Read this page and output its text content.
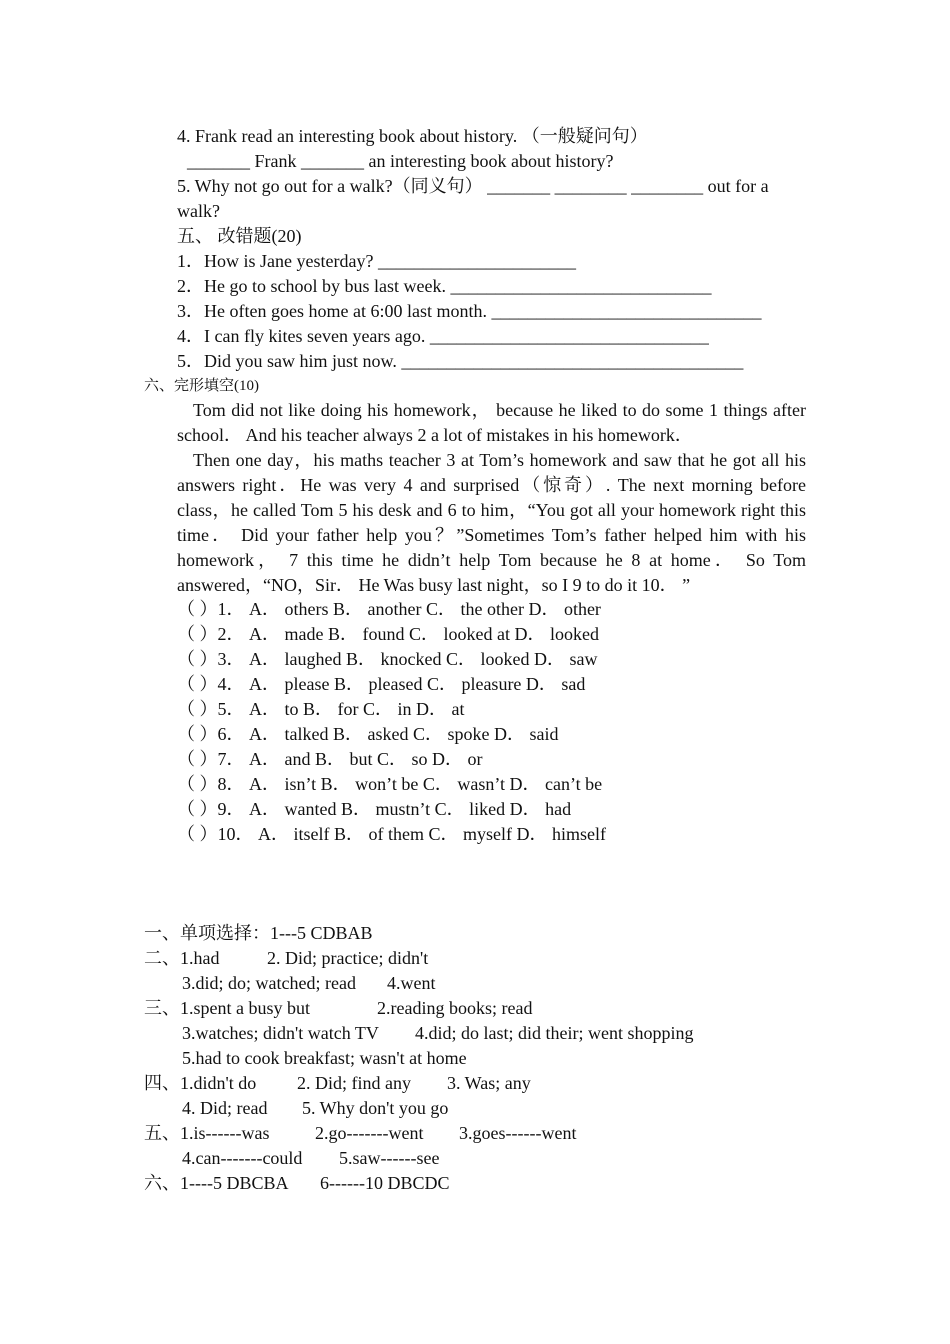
4. Frank read an interesting book about history. （一般疑问句）
_______ Frank _______ an interesting book about history?
5. Why not go out for a walk?（同义句） _______ ________ ________ out for a
walk?
五、 改错题(20)
1．How is Jane yesterday? ______________________
2．He go to school by bus last week. _____________________________
3．He often goes home at 6:00 last month. ______________________________
4．I can fly kites seven years ago. _______________________________
5．Did you saw him just now. ______________________________________
六、完形填空(10)
Tom did not like doing his homework， because he liked to do some 1 things after school． And his teacher always 2 a lot of mistakes in his homework．
Then one day，his maths teacher 3 at Tom’s homework and saw that he got all his answers right．He was very 4 and surprised（惊奇）. The next morning before class，he called Tom 5 his desk and 6 to him，“You got all your homework right this time． Did your father help you？”Sometimes Tom’s father helped him with his homework， 7 this time he didn’t help Tom because he 8 at home． So Tom answered，“NO，Sir． He Was busy last night，so I 9 to do it 10． ”
（ ）1． A． others B． another C． the other D． other
（ ）2． A． made B． found C． looked at D． looked
（ ）3． A． laughed B． knocked C． looked D． saw
（ ）4． A． please B． pleased C． pleasure D． sad
（ ）5． A． to B． for C． in D． at
（ ）6． A． talked B． asked C． spoke D． said
（ ）7． A． and B． but C． so D． or
（ ）8． A． isn’t B． won’t be C． wasn’t D． can’t be
（ ）9． A． wanted B． mustn’t C． liked D． had
（ ）10． A． itself B． of them C． myself D． himself
一、单项选择：1---5 CDBAB
二、1.had	2. Did; practice; didn't
3.did; do; watched; read 4.went
三、1.spent a busy but	2.reading books; read
3.watches; didn't watch TV 4.did; do last; did their; went shopping
5.had to cook breakfast; wasn't at home
四、1.didn't do 2. Did; find any 3. Was; any
4. Did; read 5. Why don't you go
五、1.is------was	2.go-------went 3.goes------went
4.can-------could 5.saw------see
六、1----5 DBCBA 6------10 DBCDC
